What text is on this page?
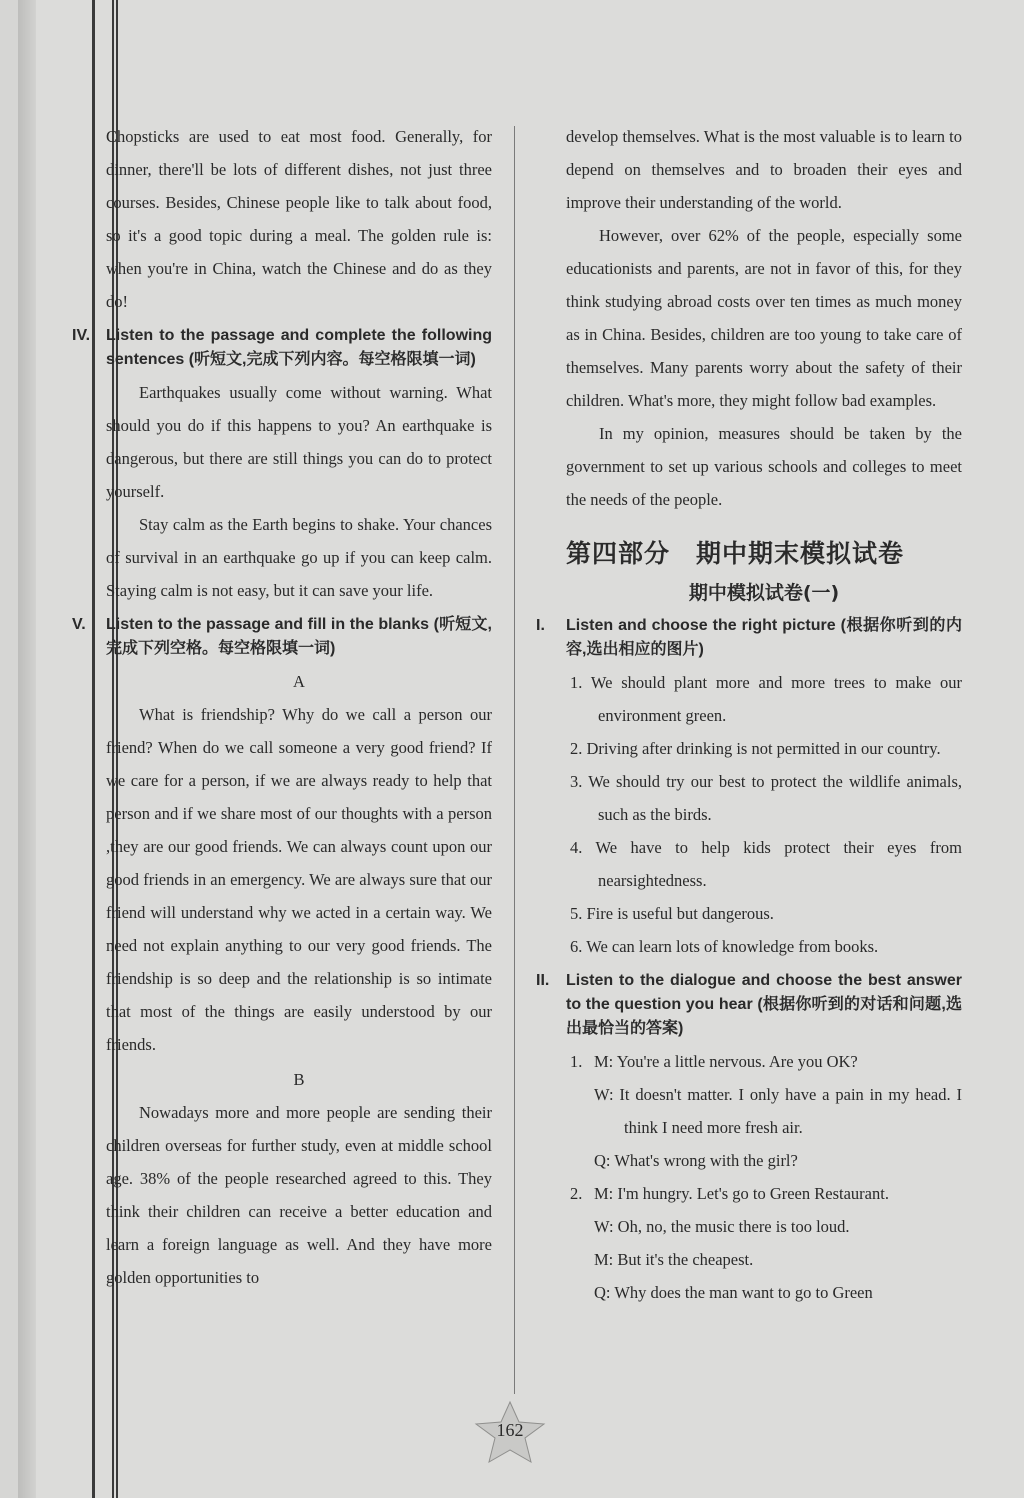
Chopsticks are used to eat most food. Generally, for dinner, there'll be lots of different dishes, not just three courses. Besides, Chinese people like to talk about food, so it's a good topic during a meal. The golden rule is: when you're in China, watch the Chinese and do as they do!

IV. Listen to the passage and complete the following sentences (听短文,完成下列内容。每空格限填一词)

Earthquakes usually come without warning. What should you do if this happens to you? An earthquake is dangerous, but there are still things you can do to protect yourself.

Stay calm as the Earth begins to shake. Your chances of survival in an earthquake go up if you can keep calm. Staying calm is not easy, but it can save your life.

V. Listen to the passage and fill in the blanks (听短文,完成下列空格。每空格限填一词)

A

What is friendship? Why do we call a person our friend? When do we call someone a very good friend? If we care for a person, if we are always ready to help that person and if we share most of our thoughts with a person ,they are our good friends. We can always count upon our good friends in an emergency. We are always sure that our friend will understand why we acted in a certain way. We need not explain anything to our very good friends. The friendship is so deep and the relationship is so intimate that most of the things are easily understood by our friends.

B

Nowadays more and more people are sending their children overseas for further study, even at middle school age. 38% of the people researched agreed to this. They think their children can receive a better education and learn a foreign language as well. And they have more golden opportunities to

develop themselves. What is the most valuable is to learn to depend on themselves and to broaden their eyes and improve their understanding of the world.

However, over 62% of the people, especially some educationists and parents, are not in favor of this, for they think studying abroad costs over ten times as much money as in China. Besides, children are too young to take care of themselves. Many parents worry about the safety of their children. What's more, they might follow bad examples.

In my opinion, measures should be taken by the government to set up various schools and colleges to meet the needs of the people.

第四部分　期中期末模拟试卷
期中模拟试卷(一)
I. Listen and choose the right picture (根据你听到的内容,选出相应的图片)

1. We should plant more and more trees to make our environment green.

2. Driving after drinking is not permitted in our country.

3. We should try our best to protect the wildlife animals, such as the birds.

4. We have to help kids protect their eyes from nearsightedness.

5. Fire is useful but dangerous.

6. We can learn lots of knowledge from books.

II. Listen to the dialogue and choose the best answer to the question you hear (根据你听到的对话和问题,选出最恰当的答案)
1. M: You're a little nervous. Are you OK?

W: It doesn't matter. I only have a pain in my head. I think I need more fresh air.

Q: What's wrong with the girl?

2. M: I'm hungry. Let's go to Green Restaurant.

W: Oh, no, the music there is too loud.

M: But it's the cheapest.

Q: Why does the man want to go to Green

162
